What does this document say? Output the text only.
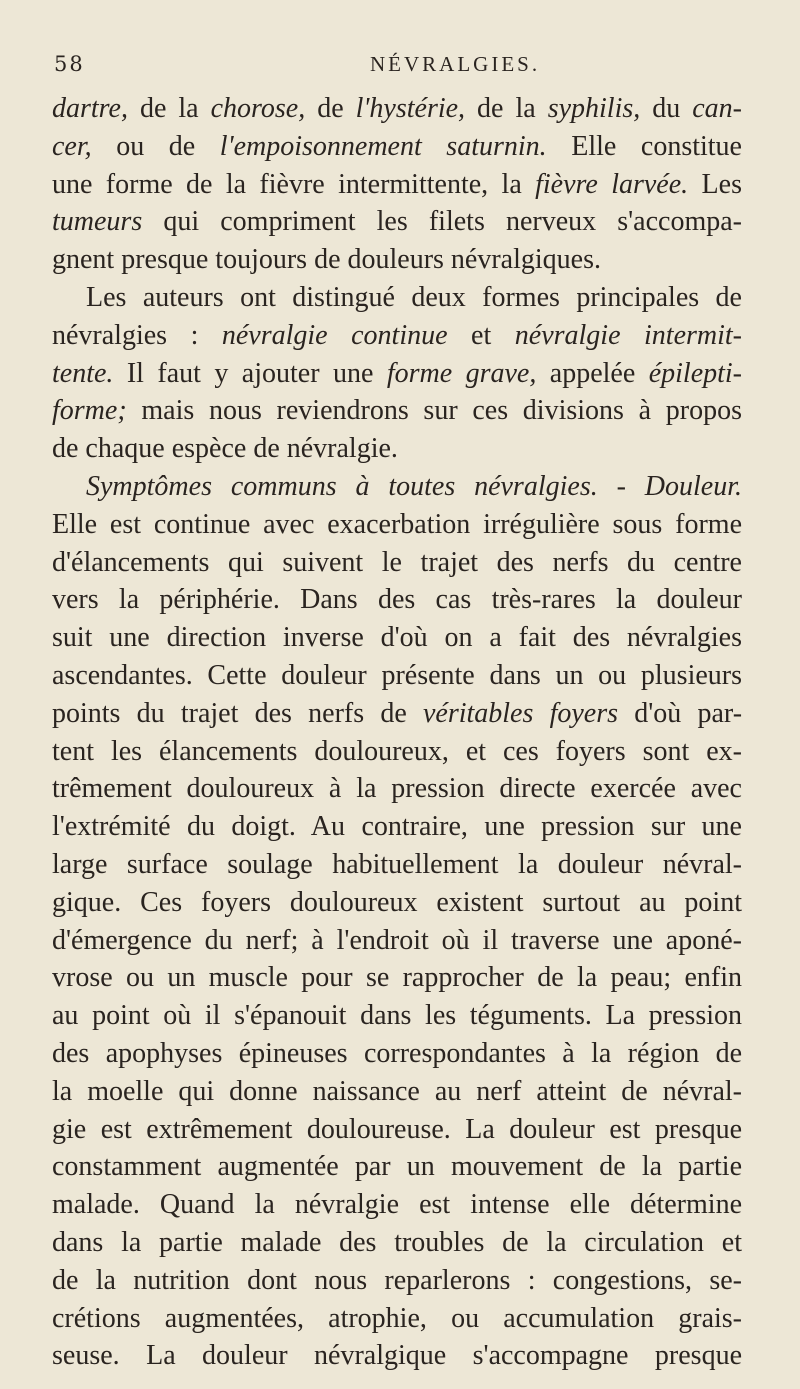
58	NÉVRALGIES.
dartre, de la chorose, de l'hystérie, de la syphilis, du can-
cer, ou de l'empoisonnement saturnin. Elle constitue
une forme de la fièvre intermittente, la fièvre larvée. Les
tumeurs qui compriment les filets nerveux s'accompa-
gnent presque toujours de douleurs névralgiques.
Les auteurs ont distingué deux formes principales de
névralgies : névralgie continue et névralgie intermit-
tente. Il faut y ajouter une forme grave, appelée épilepti-
forme; mais nous reviendrons sur ces divisions à propos
de chaque espèce de névralgie.
Symptômes communs à toutes névralgies. - Douleur.
Elle est continue avec exacerbation irrégulière sous forme
d'élancements qui suivent le trajet des nerfs du centre
vers la périphérie. Dans des cas très-rares la douleur
suit une direction inverse d'où on a fait des névralgies
ascendantes. Cette douleur présente dans un ou plusieurs
points du trajet des nerfs de véritables foyers d'où par-
tent les élancements douloureux, et ces foyers sont ex-
trêmement douloureux à la pression directe exercée avec
l'extrémité du doigt. Au contraire, une pression sur une
large surface soulage habituellement la douleur névral-
gique. Ces foyers douloureux existent surtout au point
d'émergence du nerf; à l'endroit où il traverse une aponé-
vrose ou un muscle pour se rapprocher de la peau; enfin
au point où il s'épanouit dans les téguments. La pression
des apophyses épineuses correspondantes à la région de
la moelle qui donne naissance au nerf atteint de névral-
gie est extrêmement douloureuse. La douleur est presque
constamment augmentée par un mouvement de la partie
malade. Quand la névralgie est intense elle détermine
dans la partie malade des troubles de la circulation et
de la nutrition dont nous reparlerons : congestions, se-
crétions augmentées, atrophie, ou accumulation grais-
seuse. La douleur névralgique s'accompagne presque
